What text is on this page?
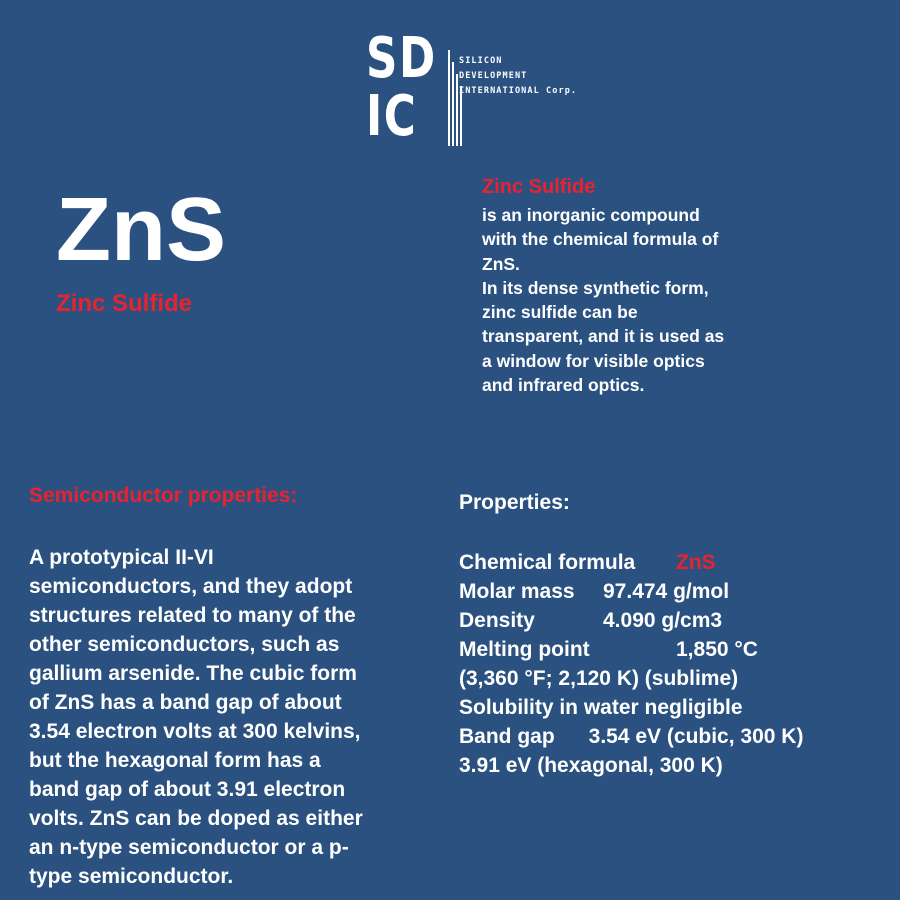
SD
IC
SILICON
DEVELOPMENT
INTERNATIONAL Corp.
ZnS
Zinc Sulfide
Zinc Sulfide
is an inorganic compound
with the chemical formula of
ZnS.
In its dense synthetic form,
zinc sulfide can be
transparent, and it is used as
a window for visible optics
and infrared optics.
Semiconductor properties:
A prototypical II-VI
semiconductors, and they adopt
structures related to many of the
other semiconductors, such as
gallium arsenide. The cubic form
of ZnS has a band gap of about
3.54 electron volts at 300 kelvins,
but the hexagonal form has a
band gap of about 3.91 electron
volts. ZnS can be doped as either
an n-type semiconductor or a p-
type semiconductor.
Properties:
Chemical formula ZnS
Molar mass 97.474 g/mol
Density	4.090 g/cm3
Melting point	1,850 °C
(3,360 °F; 2,120 K) (sublime)
Solubility in water negligible
Band gap 3.54 eV (cubic, 300 K)
3.91 eV (hexagonal, 300 K)
